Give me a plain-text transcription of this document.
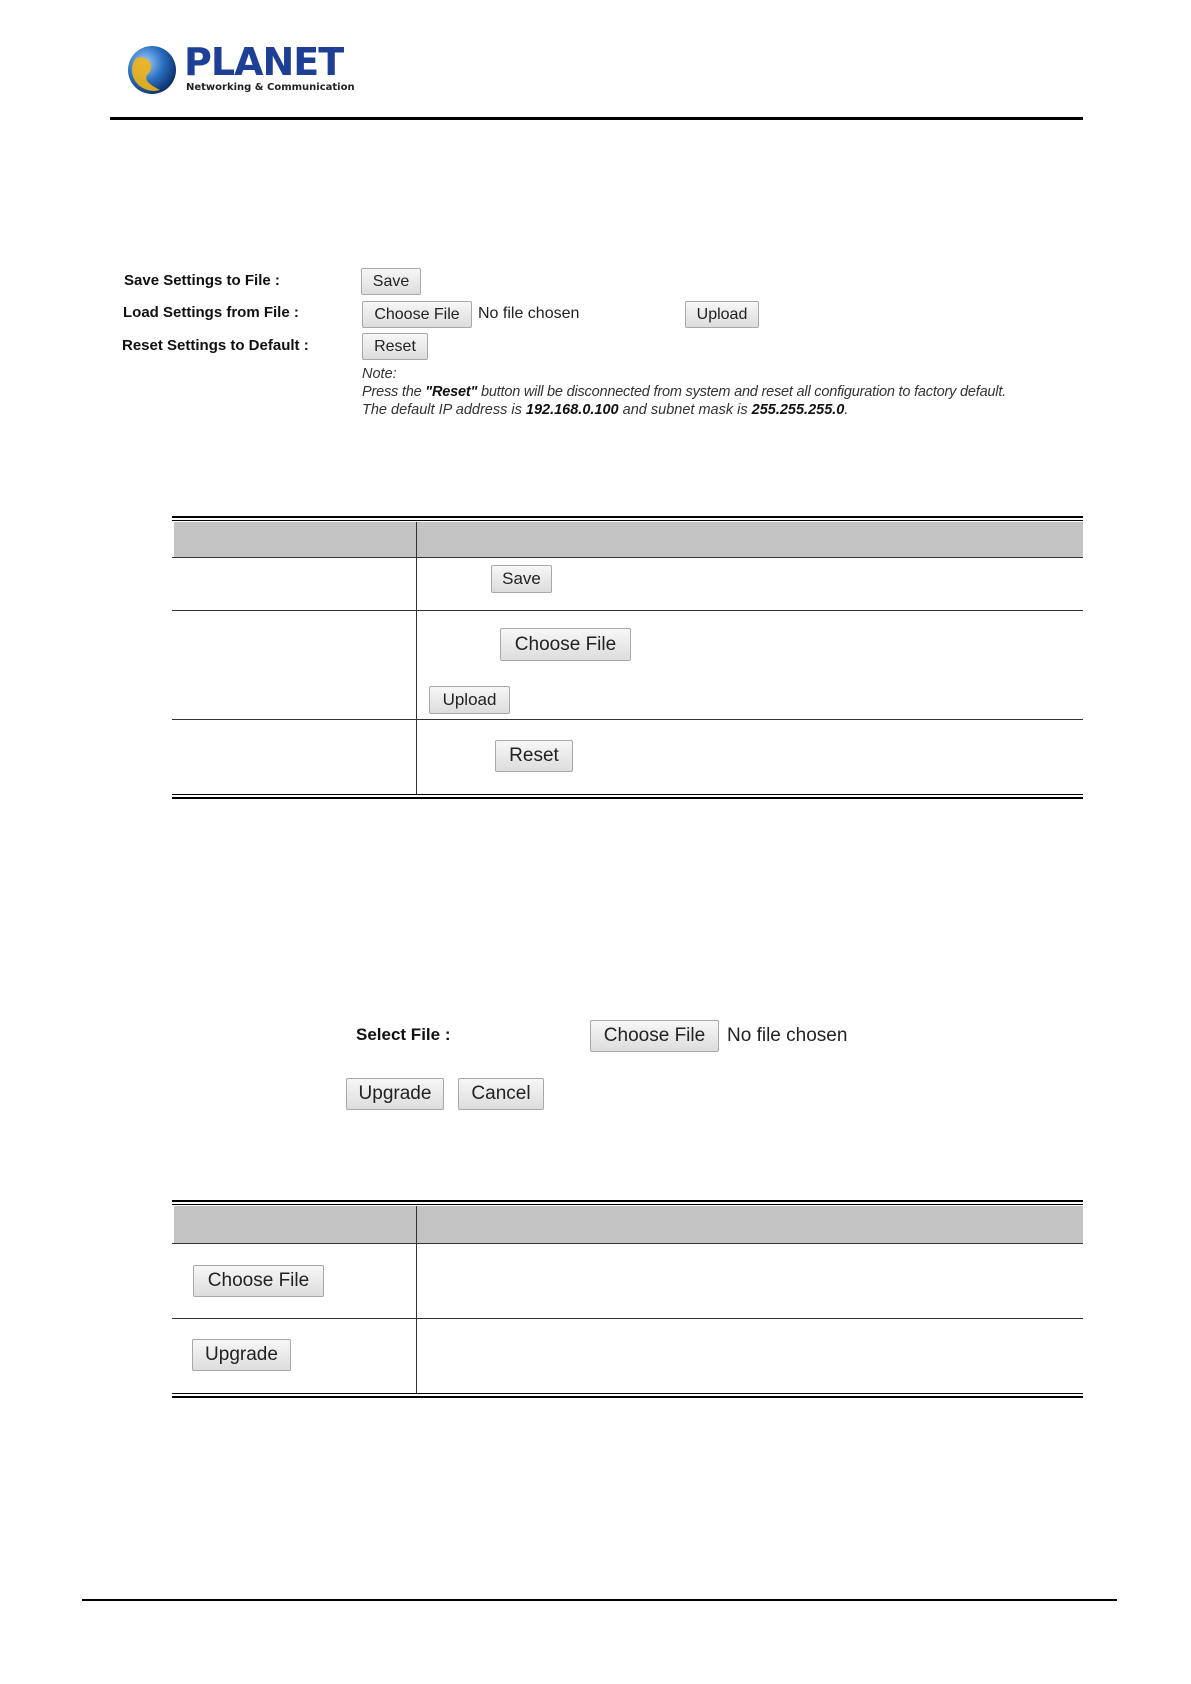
PLANET
Networking & Communication
Save Settings to File :	Save
Load Settings from File :	Choose File	No file chosen	Upload
Reset Settings to Default :	Reset
Note:
Press the "Reset" button will be disconnected from system and reset all configuration to factory default.
The default IP address is 192.168.0.100 and subnet mask is 255.255.255.0.
Save
Choose File
Upload
Reset
Select File :	Choose File	No file chosen
Upgrade	Cancel
Choose File
Upgrade
